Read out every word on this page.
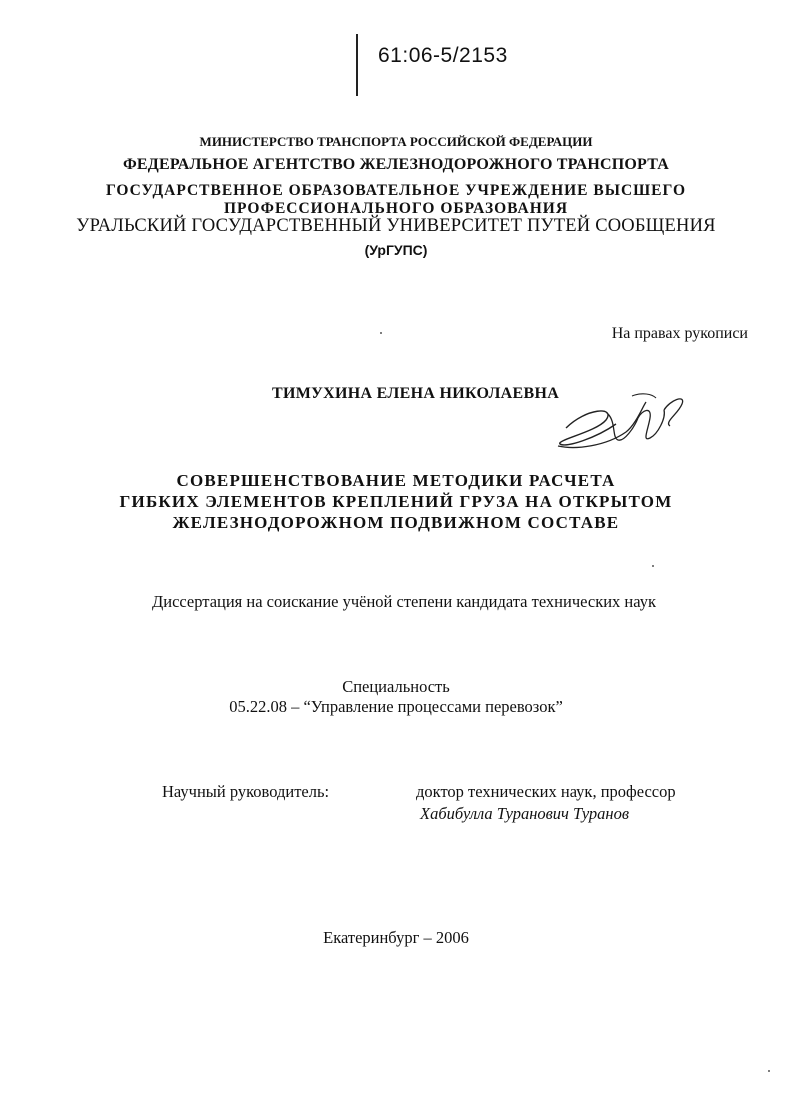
61:06-5/2153
МИНИСТЕРСТВО ТРАНСПОРТА РОССИЙСКОЙ ФЕДЕРАЦИИ
ФЕДЕРАЛЬНОЕ АГЕНТСТВО ЖЕЛЕЗНОДОРОЖНОГО ТРАНСПОРТА
ГОСУДАРСТВЕННОЕ ОБРАЗОВАТЕЛЬНОЕ УЧРЕЖДЕНИЕ ВЫСШЕГО
ПРОФЕССИОНАЛЬНОГО ОБРАЗОВАНИЯ
УРАЛЬСКИЙ ГОСУДАРСТВЕННЫЙ УНИВЕРСИТЕТ ПУТЕЙ СООБЩЕНИЯ
(УрГУПС)
На правах рукописи
ТИМУХИНА ЕЛЕНА НИКОЛАЕВНА
СОВЕРШЕНСТВОВАНИЕ МЕТОДИКИ РАСЧЕТА
ГИБКИХ ЭЛЕМЕНТОВ КРЕПЛЕНИЙ ГРУЗА НА ОТКРЫТОМ
ЖЕЛЕЗНОДОРОЖНОМ ПОДВИЖНОМ СОСТАВЕ
Диссертация на соискание учёной степени кандидата технических наук
Специальность
05.22.08 – “Управление процессами перевозок”
Научный руководитель:	доктор технических наук, профессор
Хабибулла Туранович Туранов
Екатеринбург – 2006
